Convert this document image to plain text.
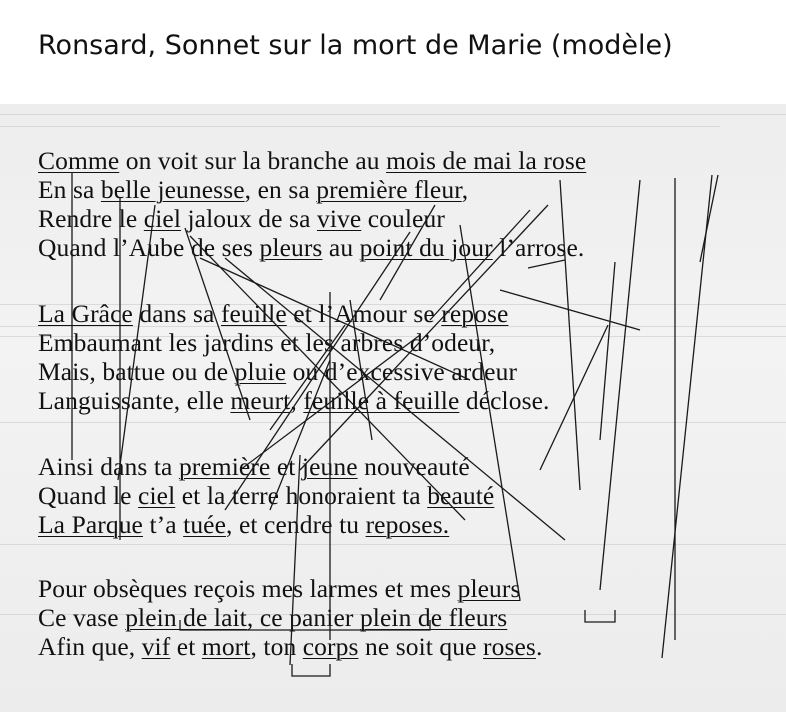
Ronsard, Sonnet sur la mort de Marie (modèle)
Comme on voit sur la branche au mois de mai la rose
En sa belle jeunesse, en sa première fleur,
Rendre le ciel jaloux de sa vive couleur
Quand l’Aube de ses pleurs au point du jour l’arrose.
La Grâce dans sa feuille et l’Amour se repose
Embaumant les jardins et les arbres d’odeur,
Mais, battue ou de pluie ou d’excessive ardeur
Languissante, elle meurt, feuille à feuille déclose.
Ainsi dans ta première et jeune nouveauté
Quand le ciel et la terre honoraient ta beauté
La Parque t’a tuée, et cendre tu reposes.
Pour obsèques reçois mes larmes et mes pleurs
Ce vase plein de lait, ce panier plein de fleurs
Afin que, vif et mort, ton corps ne soit que roses.
